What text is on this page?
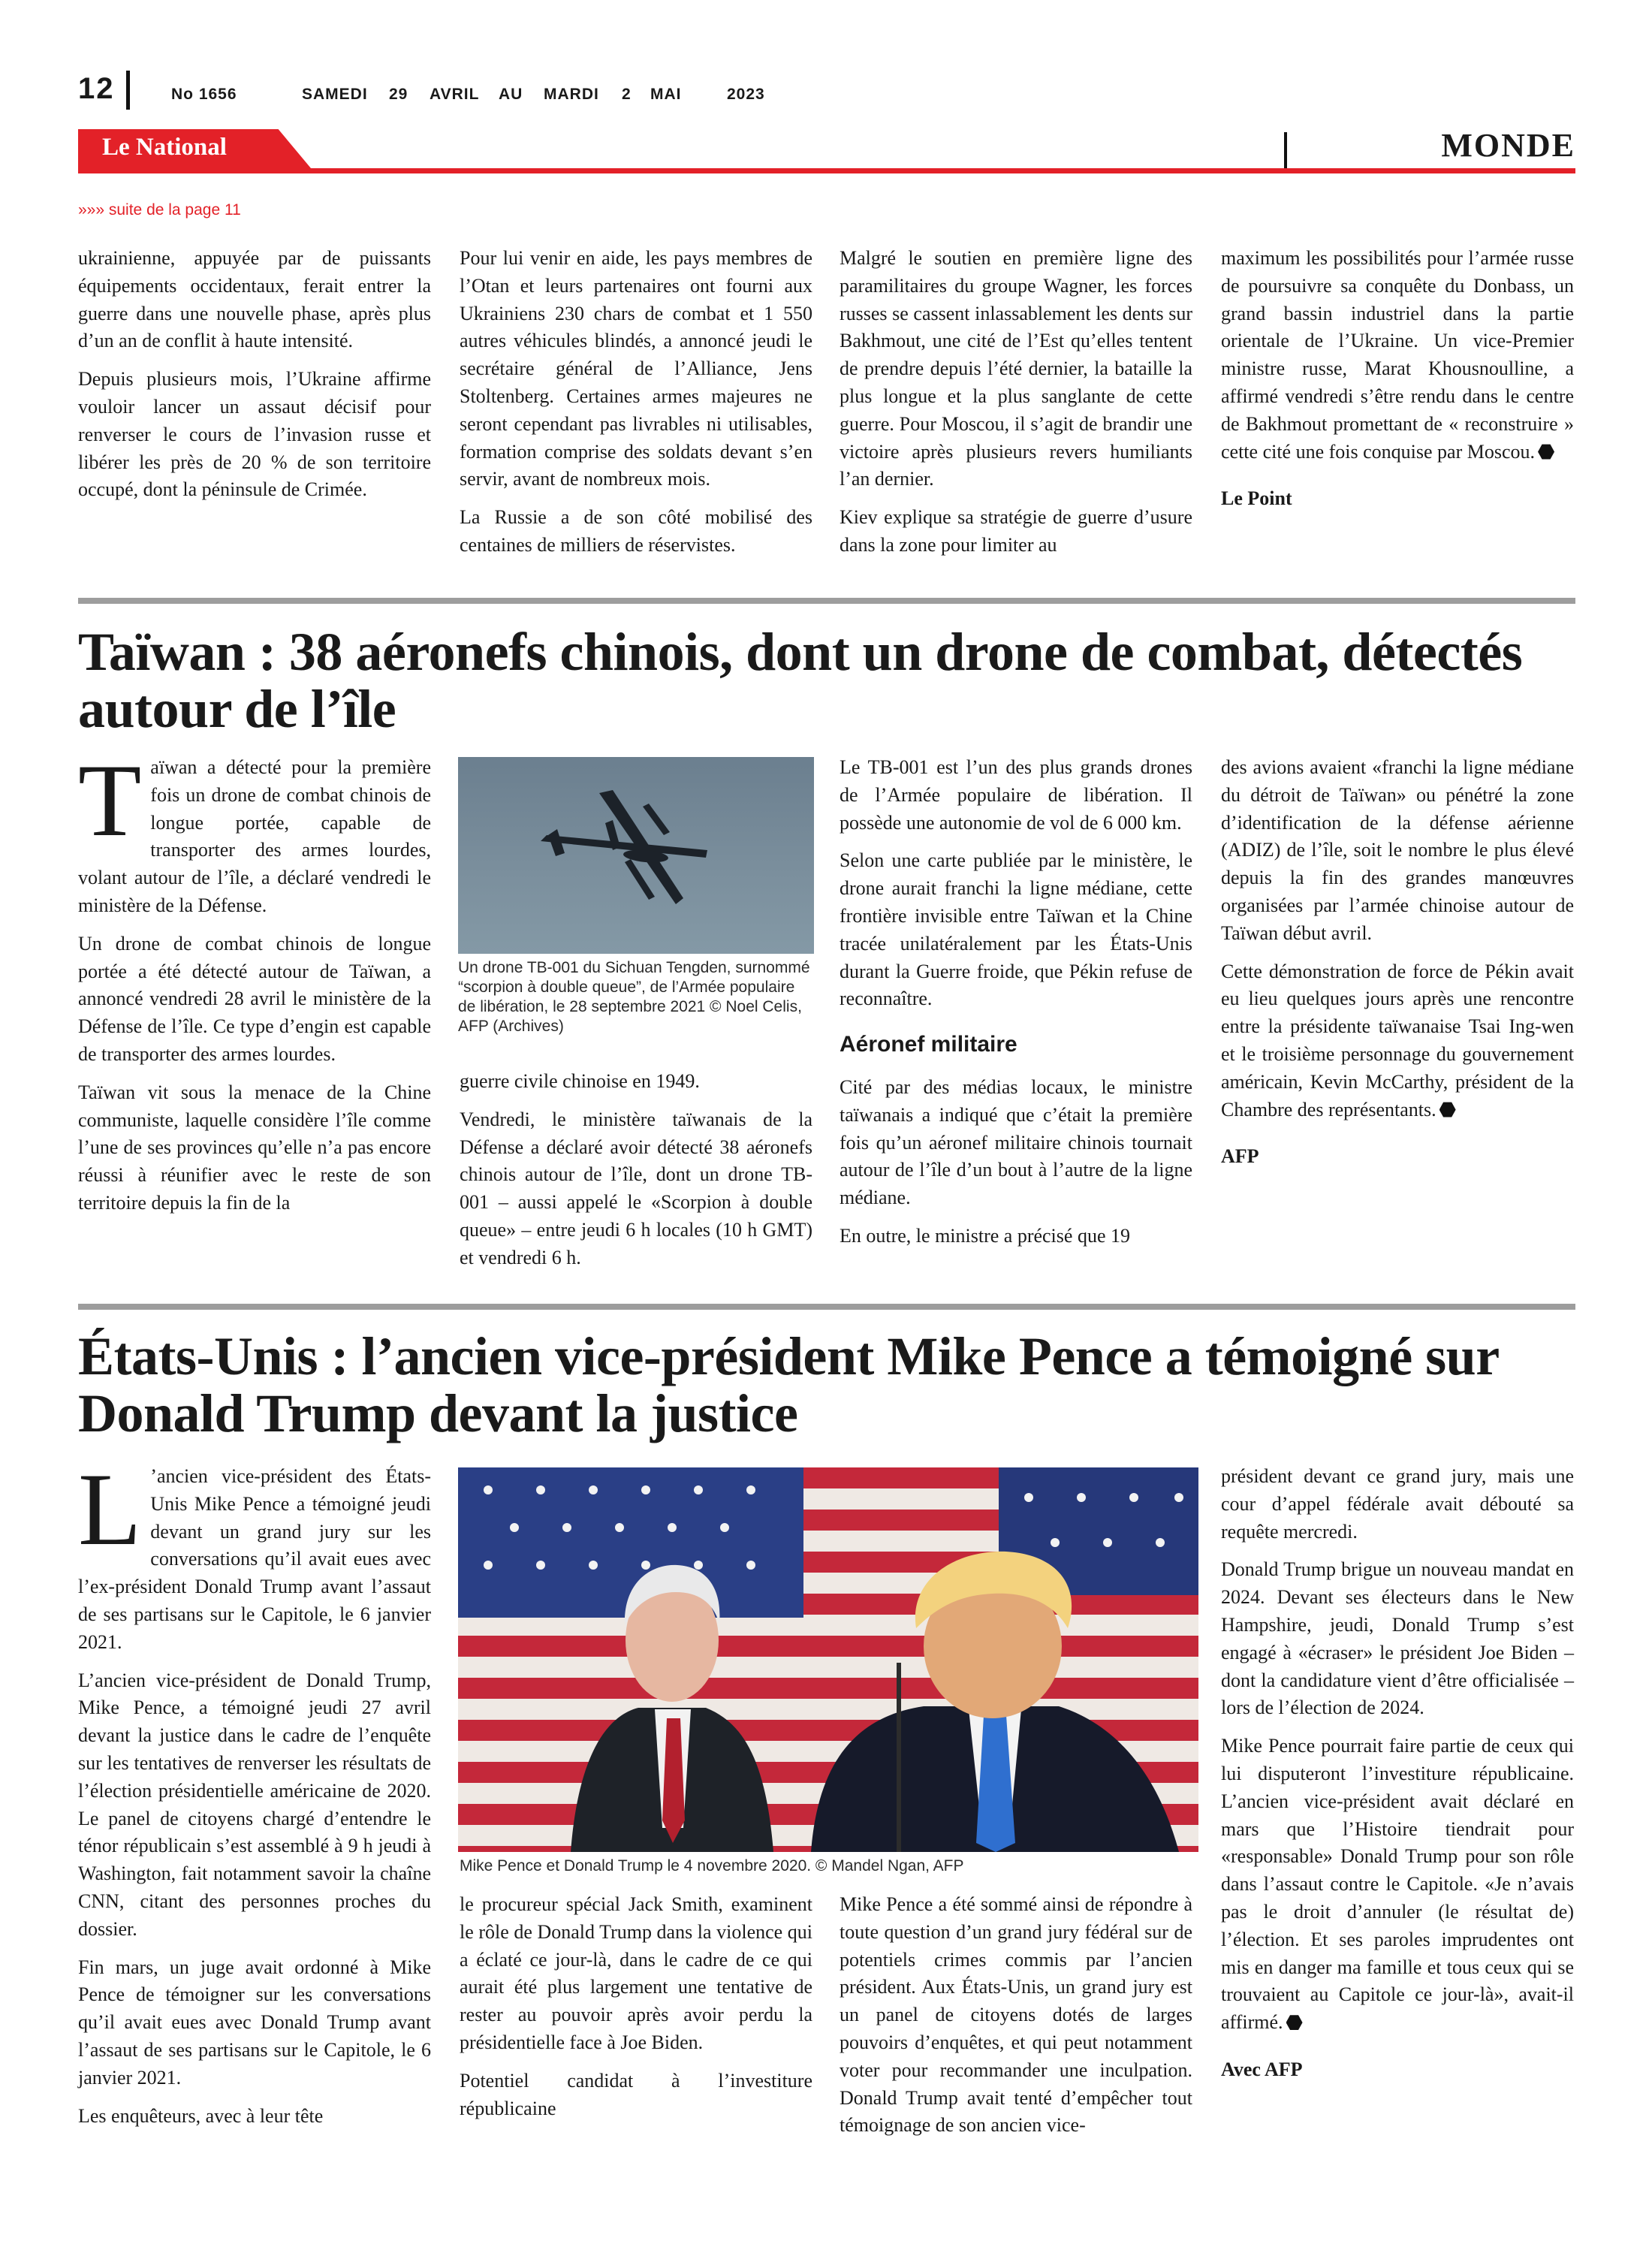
12	No 1656	SAMEDI 29 AVRIL AU MARDI 2 MAI	2023
Le National	MONDE
»»» suite de la page 11

ukrainienne, appuyée par de puissants équipements occidentaux, ferait entrer la guerre dans une nouvelle phase, après plus d’un an de conflit à haute intensité.

Depuis plusieurs mois, l’Ukraine affirme vouloir lancer un assaut décisif pour renverser le cours de l’invasion russe et libérer les près de 20 % de son territoire occupé, dont la péninsule de Crimée.

Pour lui venir en aide, les pays membres de l’Otan et leurs partenaires ont fourni aux Ukrainiens 230 chars de combat et 1 550 autres véhicules blindés, a annoncé jeudi le secrétaire général de l’Alliance, Jens Stoltenberg. Certaines armes majeures ne seront cependant pas livrables ni utilisables, formation comprise des soldats devant s’en servir, avant de nombreux mois.

La Russie a de son côté mobilisé des centaines de milliers de réservistes.

Malgré le soutien en première ligne des paramilitaires du groupe Wagner, les forces russes se cassent inlassablement les dents sur Bakhmout, une cité de l’Est qu’elles tentent de prendre depuis l’été dernier, la bataille la plus longue et la plus sanglante de cette guerre. Pour Moscou, il s’agit de brandir une victoire après plusieurs revers humiliants l’an dernier.

Kiev explique sa stratégie de guerre d’usure dans la zone pour limiter au

maximum les possibilités pour l’armée russe de poursuivre sa conquête du Donbass, un grand bassin industriel dans la partie orientale de l’Ukraine. Un vice-Premier ministre russe, Marat Khousnoulline, a affirmé vendredi s’être rendu dans le centre de Bakhmout promettant de « reconstruire » cette cité une fois conquise par Moscou.

Le Point

Taïwan : 38 aéronefs chinois, dont un drone de combat, détectés autour de l’île

Taïwan a détecté pour la première fois un drone de combat chinois de longue portée, capable de transporter des armes lourdes, volant autour de l’île, a déclaré vendredi le ministère de la Défense.

Un drone de combat chinois de longue portée a été détecté autour de Taïwan, a annoncé vendredi 28 avril le ministère de la Défense de l’île. Ce type d’engin est capable de transporter des armes lourdes.

Taïwan vit sous la menace de la Chine communiste, laquelle considère l’île comme l’une de ses provinces qu’elle n’a pas encore réussi à réunifier avec le reste de son territoire depuis la fin de la

Un drone TB-001 du Sichuan Tengden, surnommé “scorpion à double queue”, de l’Armée populaire de libération, le 28 septembre 2021 © Noel Celis, AFP (Archives)

guerre civile chinoise en 1949.

Vendredi, le ministère taïwanais de la Défense a déclaré avoir détecté 38 aéronefs chinois autour de l’île, dont un drone TB-001 – aussi appelé le «Scorpion à double queue» – entre jeudi 6 h locales (10 h GMT) et vendredi 6 h.

Le TB-001 est l’un des plus grands drones de l’Armée populaire de libération. Il possède une autonomie de vol de 6 000 km.

Selon une carte publiée par le ministère, le drone aurait franchi la ligne médiane, cette frontière invisible entre Taïwan et la Chine tracée unilatéralement par les États-Unis durant la Guerre froide, que Pékin refuse de reconnaître.

Aéronef militaire

Cité par des médias locaux, le ministre taïwanais a indiqué que c’était la première fois qu’un aéronef militaire chinois tournait autour de l’île d’un bout à l’autre de la ligne médiane.

En outre, le ministre a précisé que 19

des avions avaient «franchi la ligne médiane du détroit de Taïwan» ou pénétré la zone d’identification de la défense aérienne (ADIZ) de l’île, soit le nombre le plus élevé depuis la fin des grandes manœuvres organisées par l’armée chinoise autour de Taïwan début avril.

Cette démonstration de force de Pékin avait eu lieu quelques jours après une rencontre entre la présidente taïwanaise Tsai Ing-wen et le troisième personnage du gouvernement américain, Kevin McCarthy, président de la Chambre des représentants.

AFP

États-Unis : l’ancien vice-président Mike Pence a témoigné sur Donald Trump devant la justice

L ’ancien vice-président des États-Unis Mike Pence a témoigné jeudi devant un grand jury sur les conversations qu’il avait eues avec l’ex-président Donald Trump avant l’assaut de ses partisans sur le Capitole, le 6 janvier 2021.

L’ancien vice-président de Donald Trump, Mike Pence, a témoigné jeudi 27 avril devant la justice dans le cadre de l’enquête sur les tentatives de renverser les résultats de l’élection présidentielle américaine de 2020. Le panel de citoyens chargé d’entendre le ténor républicain s’est assemblé à 9 h jeudi à Washington, fait notamment savoir la chaîne CNN, citant des personnes proches du dossier.

Fin mars, un juge avait ordonné à Mike Pence de témoigner sur les conversations qu’il avait eues avec Donald Trump avant l’assaut de ses partisans sur le Capitole, le 6 janvier 2021.

Les enquêteurs, avec à leur tête

Mike Pence et Donald Trump le 4 novembre 2020. © Mandel Ngan, AFP

le procureur spécial Jack Smith, examinent le rôle de Donald Trump dans la violence qui a éclaté ce jour-là, dans le cadre de ce qui aurait été plus largement une tentative de rester au pouvoir après avoir perdu la présidentielle face à Joe Biden.

Potentiel candidat à l’investiture républicaine

Mike Pence a été sommé ainsi de répondre à toute question d’un grand jury fédéral sur de potentiels crimes commis par l’ancien président. Aux États-Unis, un grand jury est un panel de citoyens dotés de larges pouvoirs d’enquêtes, et qui peut notamment voter pour recommander une inculpation. Donald Trump avait tenté d’empêcher tout témoignage de son ancien vice-

président devant ce grand jury, mais une cour d’appel fédérale avait débouté sa requête mercredi.

Donald Trump brigue un nouveau mandat en 2024. Devant ses électeurs dans le New Hampshire, jeudi, Donald Trump s’est engagé à «écraser» le président Joe Biden – dont la candidature vient d’être officialisée – lors de l’élection de 2024.

Mike Pence pourrait faire partie de ceux qui lui disputeront l’investiture républicaine. L’ancien vice-président avait déclaré en mars que l’Histoire tiendrait pour «responsable» Donald Trump pour son rôle dans l’assaut contre le Capitole. «Je n’avais pas le droit d’annuler (le résultat de) l’élection. Et ses paroles imprudentes ont mis en danger ma famille et tous ceux qui se trouvaient au Capitole ce jour-là», avait-il affirmé.

Avec AFP
